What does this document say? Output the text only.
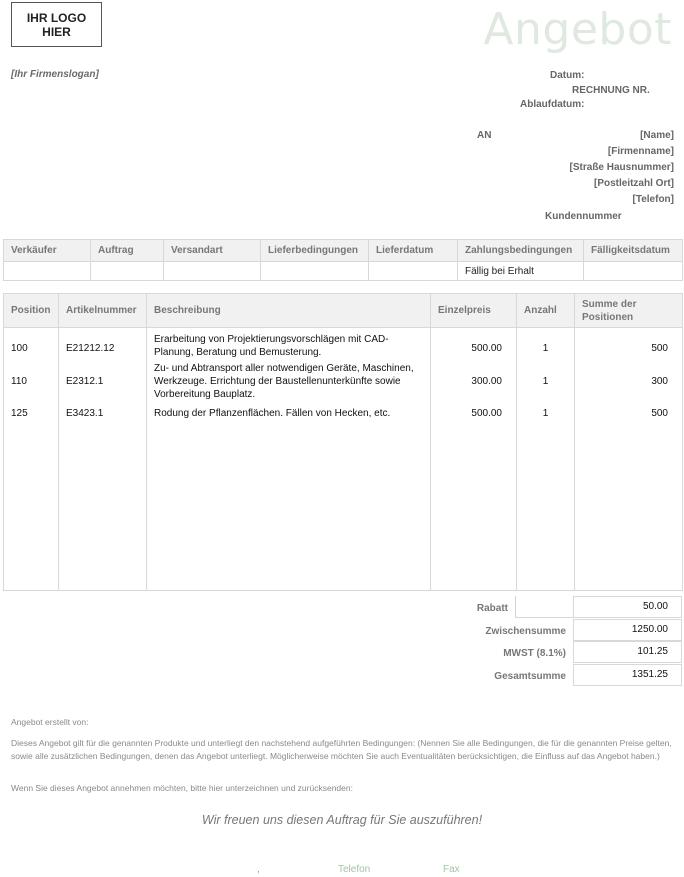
IHR LOGO
HIER	Angebot
[Ihr Firmenslogan]	Datum:
RECHNUNG NR.
Ablaufdatum:
AN	[Name]
[Firmenname]
[Straße Hausnummer]
[Postleitzahl Ort]
[Telefon]
Kundennummer
Verkäufer	Auftrag	Versandart	Lieferbedingungen	Lieferdatum	Zahlungsbedingungen	Fälligkeitsdatum
					Fällig bei Erhalt	
Position	Artikelnummer	Beschreibung	Einzelpreis	Anzahl	Summe der Positionen
100	E21212.12	Erarbeitung von Projektierungsvorschlägen mit CAD-Planung, Beratung und Bemusterung.	500.00	1	500
110	E2312.1	Zu- und Abtransport aller notwendigen Geräte, Maschinen, Werkzeuge. Errichtung der Baustellenunterkünfte sowie Vorbereitung Bauplatz.	300.00	1	300
125	E3423.1	Rodung der Pflanzenflächen. Fällen von Hecken, etc.	500.00	1	500

Rabatt	50.00
Zwischensumme	1250.00
MWST (8.1%)	101.25
Gesamtsumme	1351.25
Angebot erstellt von:
Dieses Angebot gilt für die genannten Produkte und unterliegt den nachstehend aufgeführten Bedingungen: (Nennen Sie alle Bedingungen, die für die genannten Preise gelten, sowie alle zusätzlichen Bedingungen, denen das Angebot unterliegt. Möglicherweise möchten Sie auch Eventualitäten berücksichtigen, die Einfluss auf das Angebot haben.)
Wenn Sie dieses Angebot annehmen möchten, bitte hier unterzeichnen und zurücksenden:
Wir freuen uns diesen Auftrag für Sie auszuführen!
,	Telefon	Fax
